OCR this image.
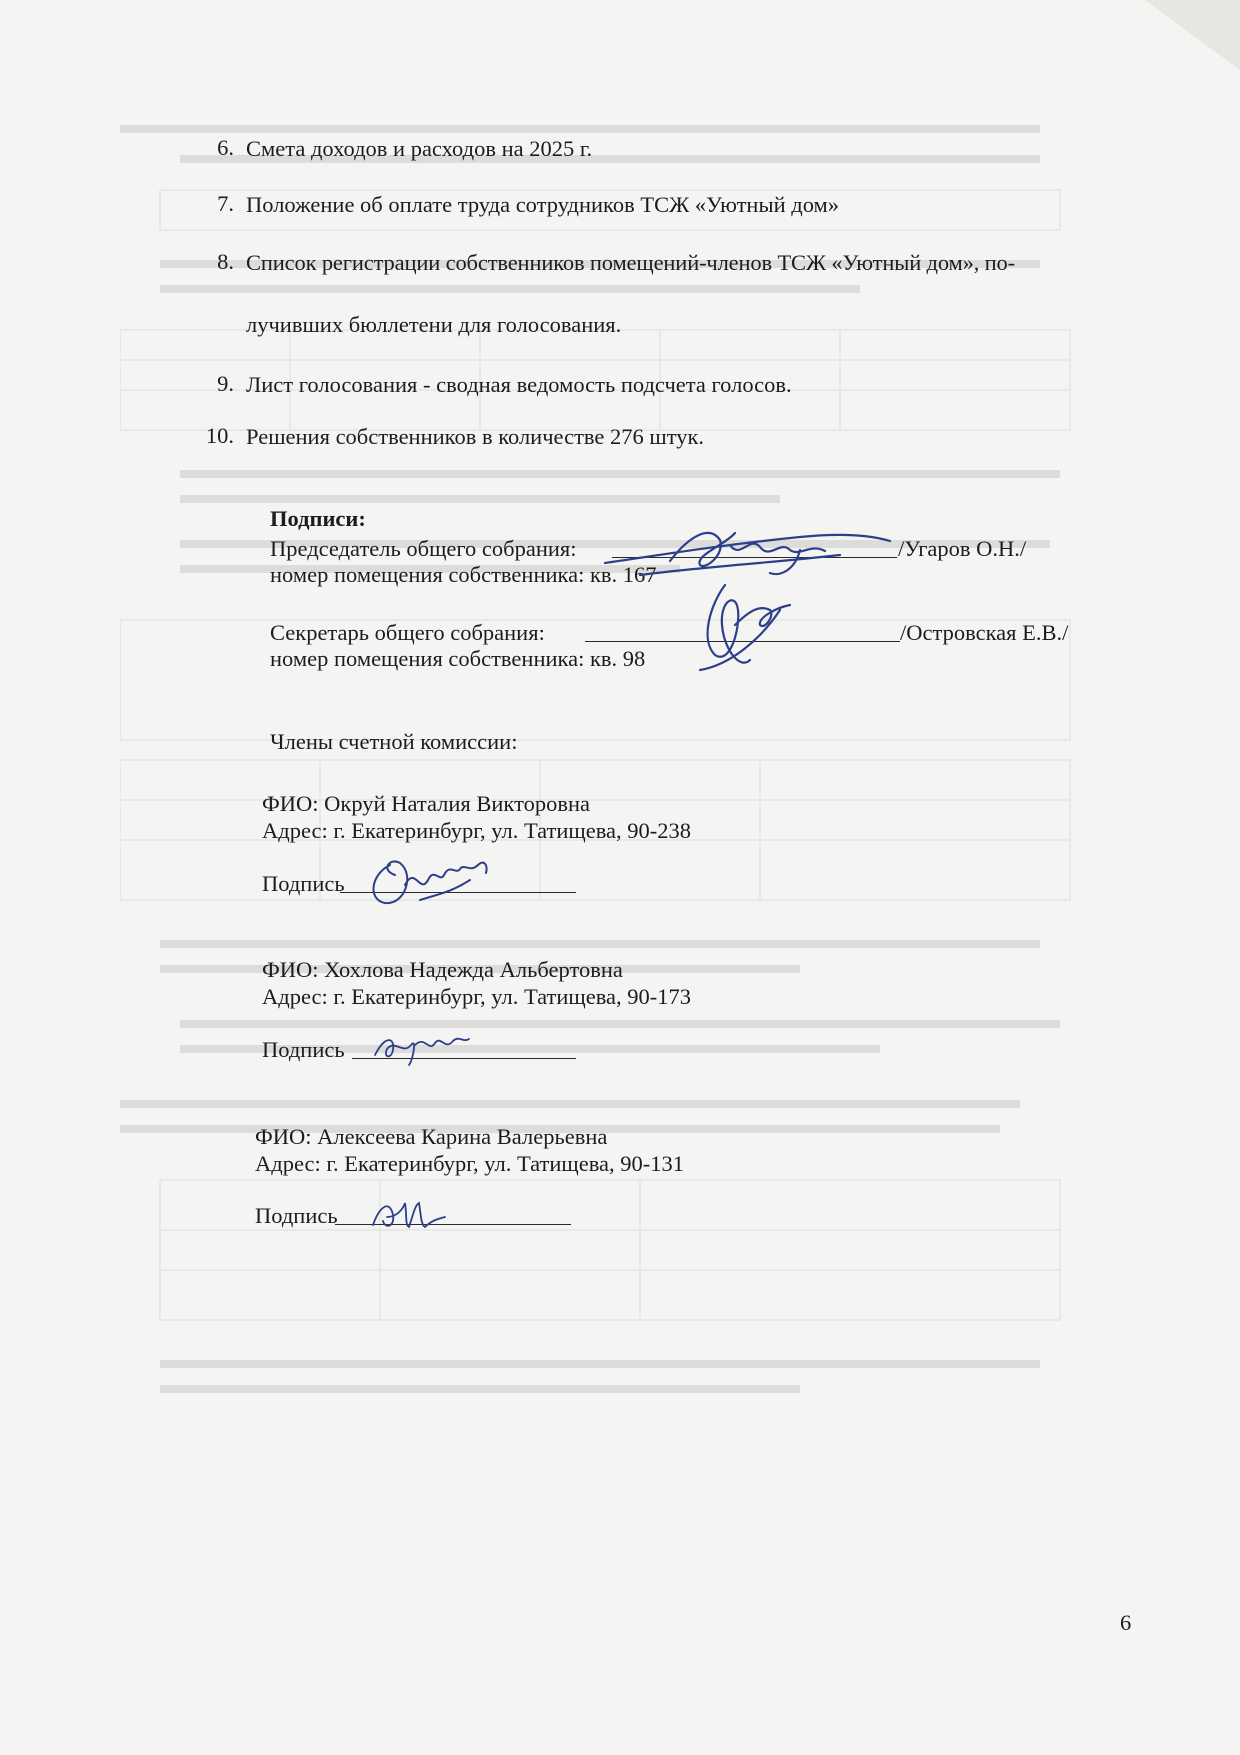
6. Смета доходов и расходов на 2025 г.
7. Положение об оплате труда сотрудников ТСЖ «Уютный дом»
8. Список регистрации собственников помещений-членов ТСЖ «Уютный дом», по-
лучивших бюллетени для голосования.
9. Лист голосования - сводная ведомость подсчета голосов.
10. Решения собственников в количестве 276 штук.
Подписи:
Председатель общего собрания:	/Угаров О.Н./
номер помещения собственника: кв. 167
Секретарь общего собрания:	/Островская Е.В./
номер помещения собственника: кв. 98
Члены счетной комиссии:
ФИО: Окруй Наталия Викторовна
Адрес: г. Екатеринбург, ул. Татищева, 90-238
Подпись
ФИО: Хохлова Надежда Альбертовна
Адрес: г. Екатеринбург, ул. Татищева, 90-173
Подпись
ФИО: Алексеева Карина Валерьевна
Адрес: г. Екатеринбург, ул. Татищева, 90-131
Подпись
6
